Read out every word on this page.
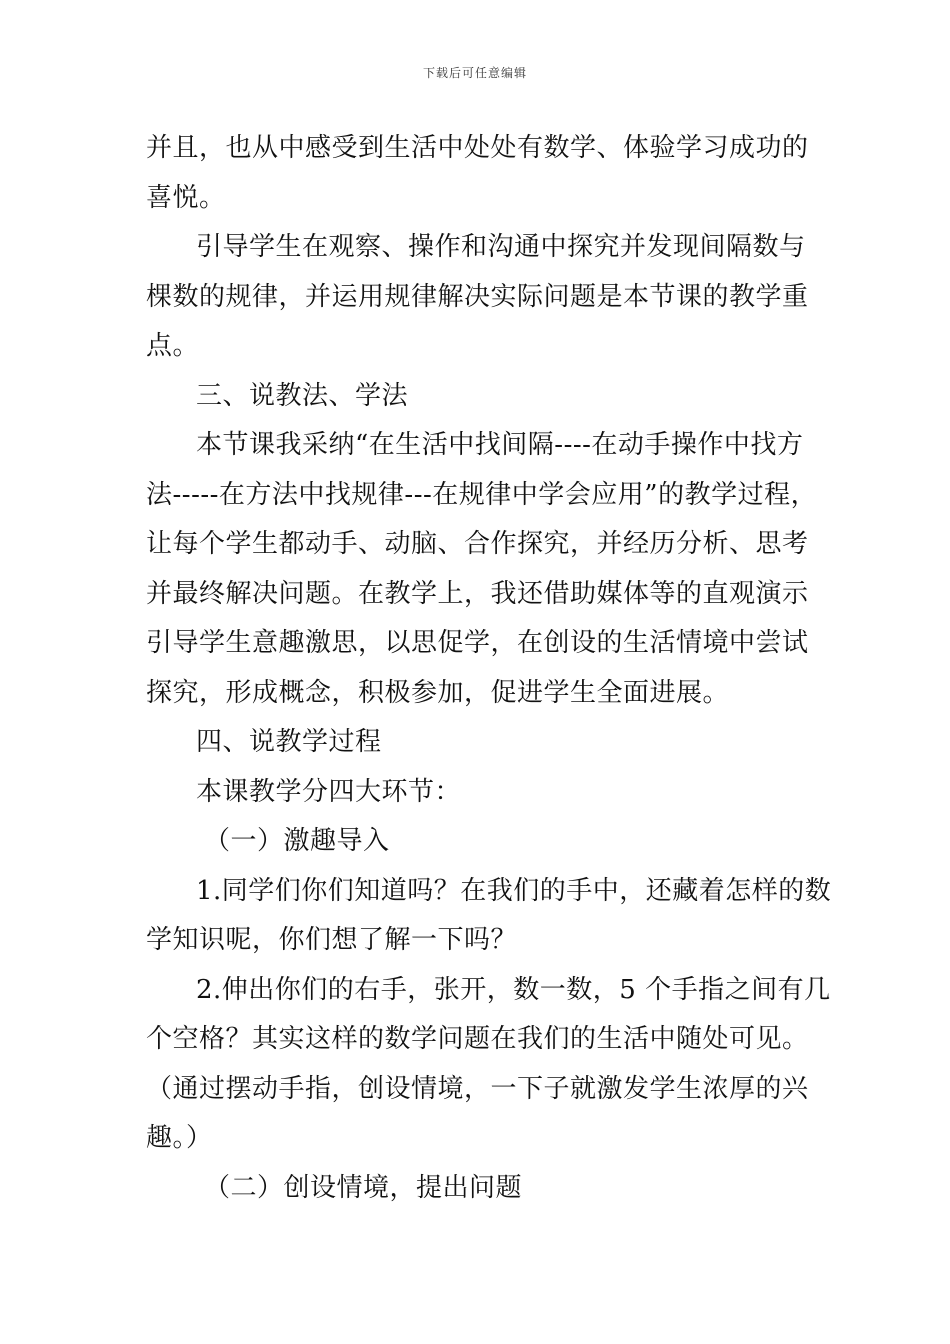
下载后可任意编辑
并且，也从中感受到生活中处处有数学、体验学习成功的
喜悦。
引导学生在观察、操作和沟通中探究并发现间隔数与
棵数的规律，并运用规律解决实际问题是本节课的教学重
点。
三、说教法、学法
本节课我采纳“在生活中找间隔----在动手操作中找方
法-----在方法中找规律---在规律中学会应用”的教学过程，
让每个学生都动手、动脑、合作探究，并经历分析、思考
并最终解决问题。在教学上，我还借助媒体等的直观演示
引导学生意趣激思，以思促学，在创设的生活情境中尝试
探究，形成概念，积极参加，促进学生全面进展。
四、说教学过程
本课教学分四大环节：
（一）激趣导入
1.同学们你们知道吗？在我们的手中，还藏着怎样的数
学知识呢，你们想了解一下吗？
2.伸出你们的右手，张开，数一数，5 个手指之间有几
个空格？其实这样的数学问题在我们的生活中随处可见。
（通过摆动手指，创设情境，一下子就激发学生浓厚的兴
趣。）
（二）创设情境，提出问题
